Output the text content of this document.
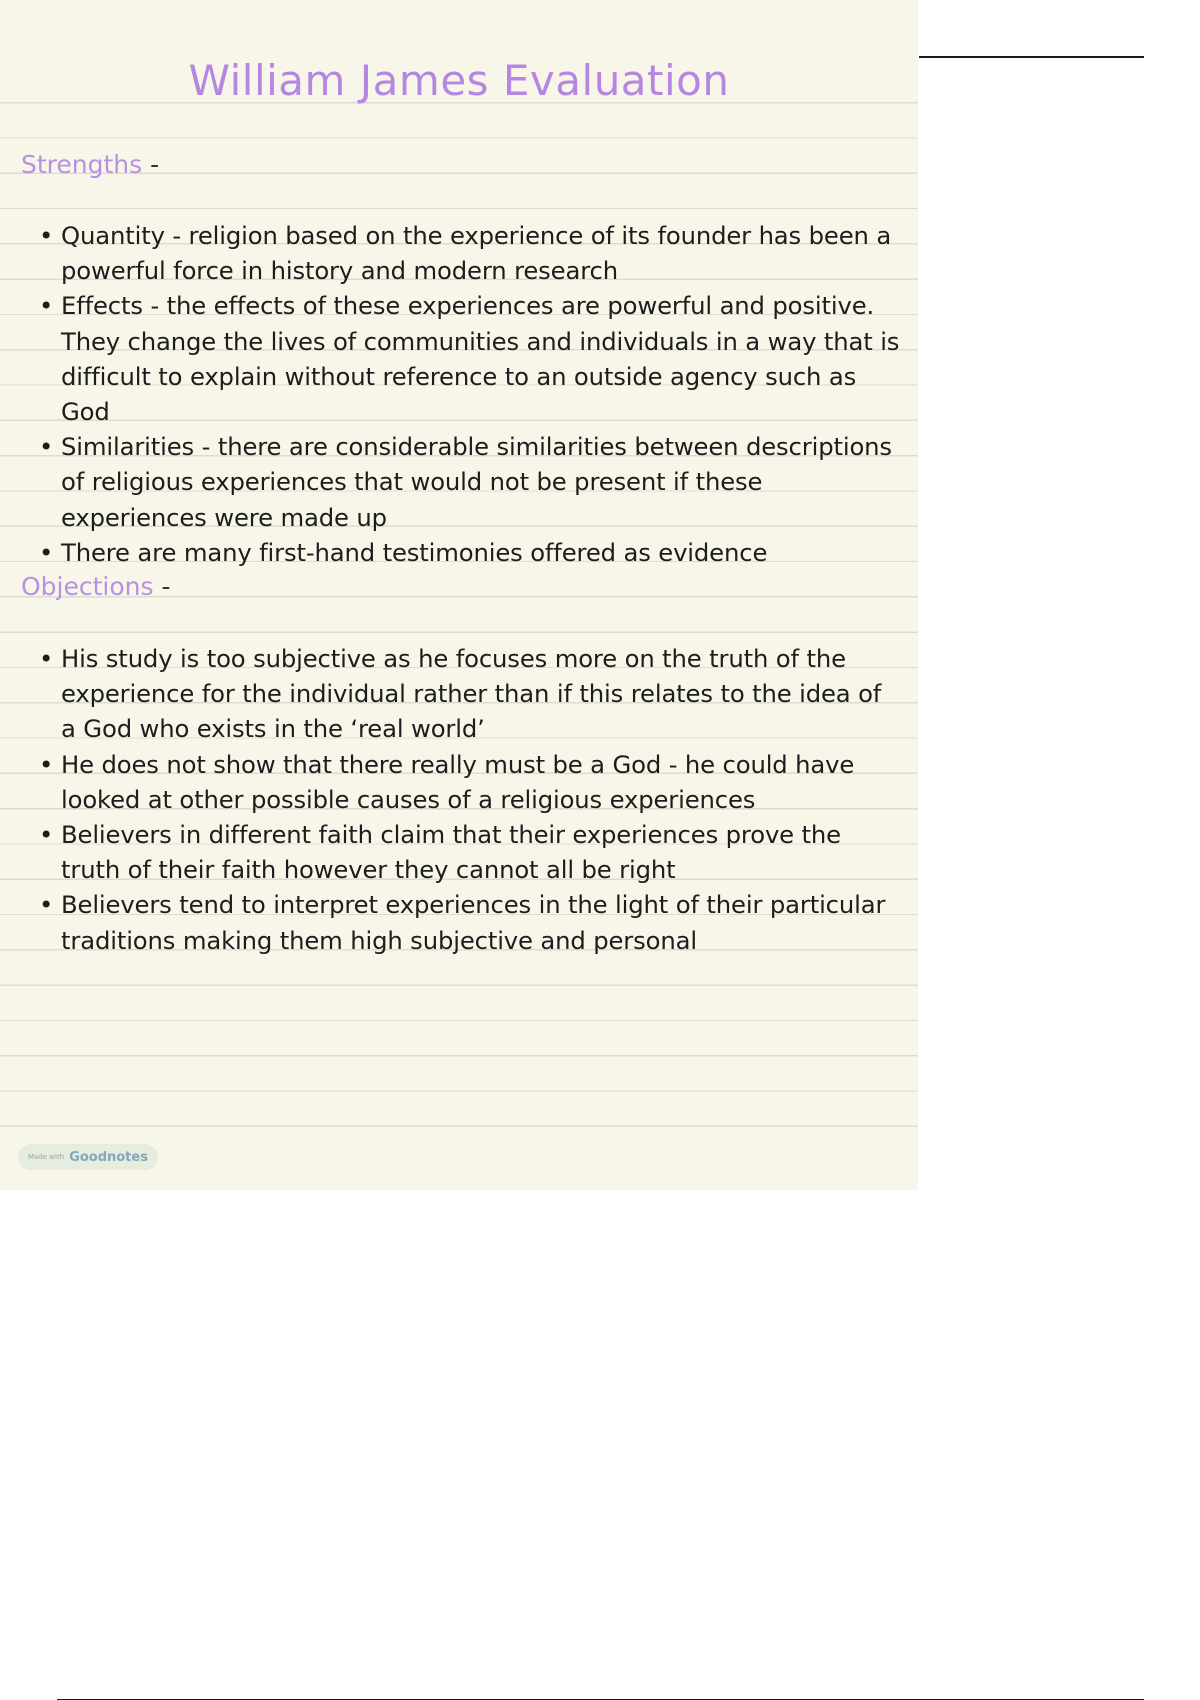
William James Evaluation
Strengths -
• Quantity - religion based on the experience of its founder has been a powerful force in history and modern research
• Effects - the effects of these experiences are powerful and positive. They change the lives of communities and individuals in a way that is difficult to explain without reference to an outside agency such as God
• Similarities - there are considerable similarities between descriptions of religious experiences that would not be present if these experiences were made up
• There are many first-hand testimonies offered as evidence
Objections -
• His study is too subjective as he focuses more on the truth of the experience for the individual rather than if this relates to the idea of a God who exists in the ‘real world’
• He does not show that there really must be a God - he could have looked at other possible causes of a religious experiences
• Believers in different faith claim that their experiences prove the truth of their faith however they cannot all be right
• Believers tend to interpret experiences in the light of their particular traditions making them high subjective and personal
Made with Goodnotes
